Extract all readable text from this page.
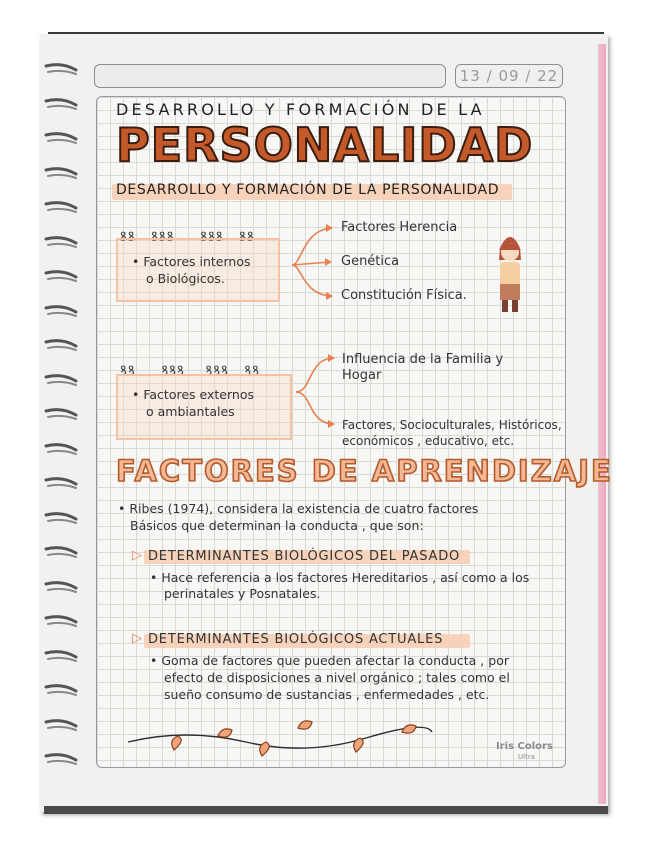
13 / 09 / 22
DESARROLLO Y FORMACIÓN DE LA
PERSONALIDAD
DESARROLLO Y FORMACIÓN DE LA PERSONALIDAD
ꝸꝸ   ꝸꝸꝸ     ꝸꝸꝸ   ꝸꝸ
• Factores internos
o Biológicos.
Factores Herencia
Genética
Constitución Física.
ꝸꝸ     ꝸꝸꝸ    ꝸꝸꝸ   ꝸꝸ
• Factores externos
o ambiantales
Influencia de la Familia y
Hogar
Factores, Socioculturales, Históricos,
económicos , educativo, etc.
FACTORES DE APRENDIZAJE
• Ribes (1974), considera la existencia de cuatro factores
Básicos que determinan la conducta , que son:
▷ DETERMINANTES BIOLÓGICOS DEL PASADO
• Hace referencia a los factores Hereditarios , así como a los
perinatales y Posnatales.
▷ DETERMINANTES BIOLÓGICOS ACTUALES
• Goma de factores que pueden afectar la conducta , por
efecto de disposiciones a nivel orgánico ; tales como el
sueño consumo de sustancias , enfermedades , etc.
Iris Colors
Ultra
